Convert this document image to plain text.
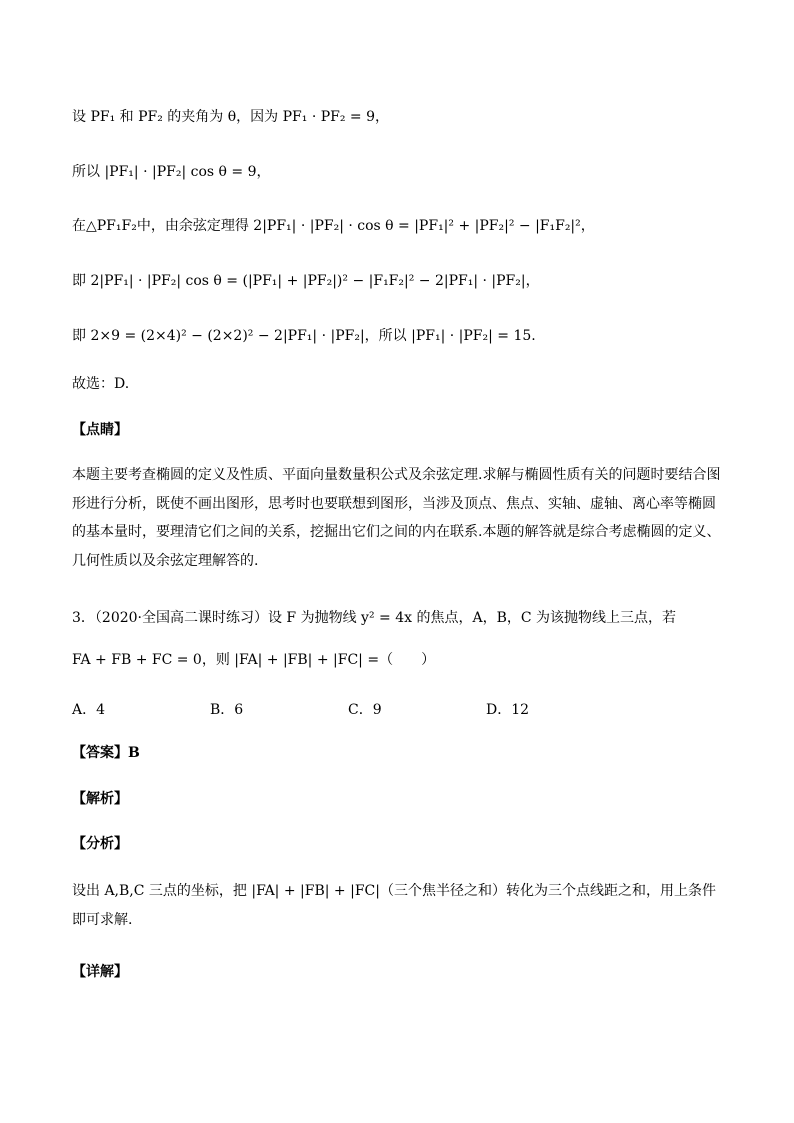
设 PF₁ 和 PF₂ 的夹角为 θ，因为 PF₁ · PF₂ = 9，
所以 |PF₁| · |PF₂| cos θ = 9，
在△PF₁F₂中，由余弦定理得 2|PF₁| · |PF₂| · cos θ = |PF₁|² + |PF₂|² − |F₁F₂|²，
即 2|PF₁| · |PF₂| cos θ = (|PF₁| + |PF₂|)² − |F₁F₂|² − 2|PF₁| · |PF₂|，
即 2×9 = (2×4)² − (2×2)² − 2|PF₁| · |PF₂|，所以 |PF₁| · |PF₂| = 15.
故选：D.
【点睛】
本题主要考查椭圆的定义及性质、平面向量数量积公式及余弦定理.求解与椭圆性质有关的问题时要结合图形进行分析，既使不画出图形，思考时也要联想到图形，当涉及顶点、焦点、实轴、虚轴、离心率等椭圆的基本量时，要理清它们之间的关系，挖掘出它们之间的内在联系.本题的解答就是综合考虑椭圆的定义、几何性质以及余弦定理解答的.
3．（2020·全国高二课时练习）设 F 为抛物线 y² = 4x 的焦点，A，B，C 为该抛物线上三点，若
FA + FB + FC = 0，则 |FA| + |FB| + |FC| =（　　）
A．4	B．6	C．9	D．12
【答案】B
【解析】
【分析】
设出 A,B,C 三点的坐标，把 |FA| + |FB| + |FC|（三个焦半径之和）转化为三个点线距之和，用上条件即可求解.
【详解】
